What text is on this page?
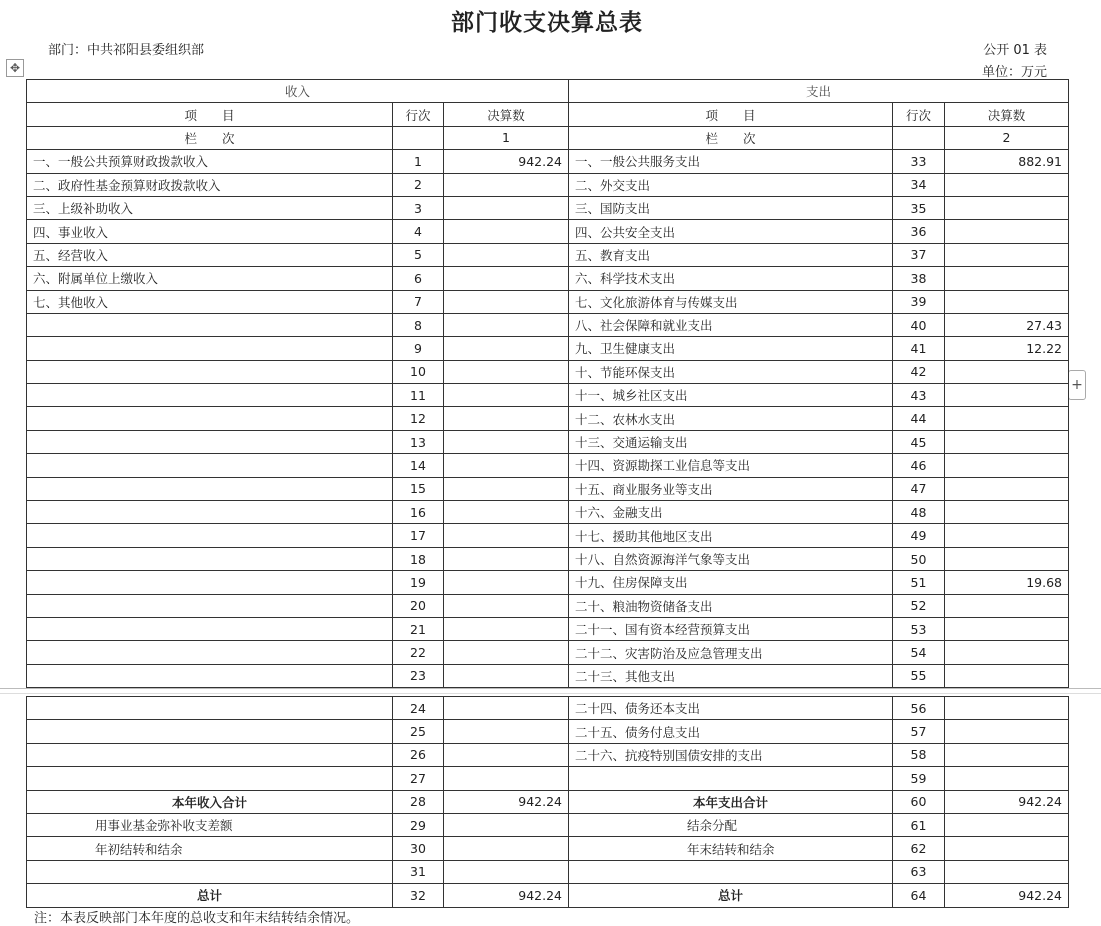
部门收支决算总表
部门：中共祁阳县委组织部	公开 01 表
单位：万元
✥
+
收入			支出		
项　　目	行次	决算数	项　　目	行次	决算数
栏　　次		1	栏　　次		2
一、一般公共预算财政拨款收入	1	942.24	一、一般公共服务支出	33	882.91
二、政府性基金预算财政拨款收入	2		二、外交支出	34	
三、上级补助收入	3		三、国防支出	35	
四、事业收入	4		四、公共安全支出	36	
五、经营收入	5		五、教育支出	37	
六、附属单位上缴收入	6		六、科学技术支出	38	
七、其他收入	7		七、文化旅游体育与传媒支出	39	
	8		八、社会保障和就业支出	40	27.43
	9		九、卫生健康支出	41	12.22
	10		十、节能环保支出	42	
	11		十一、城乡社区支出	43	
	12		十二、农林水支出	44	
	13		十三、交通运输支出	45	
	14		十四、资源勘探工业信息等支出	46	
	15		十五、商业服务业等支出	47	
	16		十六、金融支出	48	
	17		十七、援助其他地区支出	49	
	18		十八、自然资源海洋气象等支出	50	
	19		十九、住房保障支出	51	19.68
	20		二十、粮油物资储备支出	52	
	21		二十一、国有资本经营预算支出	53	
	22		二十二、灾害防治及应急管理支出	54	
	23		二十三、其他支出	55	
	24		二十四、债务还本支出	56	
	25		二十五、债务付息支出	57	
	26		二十六、抗疫特别国债安排的支出	58	
	27			59	
本年收入合计	28	942.24	本年支出合计	60	942.24
用事业基金弥补收支差额	29		结余分配	61	
年初结转和结余	30		年末结转和结余	62	
	31			63	
总计	32	942.24	总计	64	942.24
注：本表反映部门本年度的总收支和年末结转结余情况。
